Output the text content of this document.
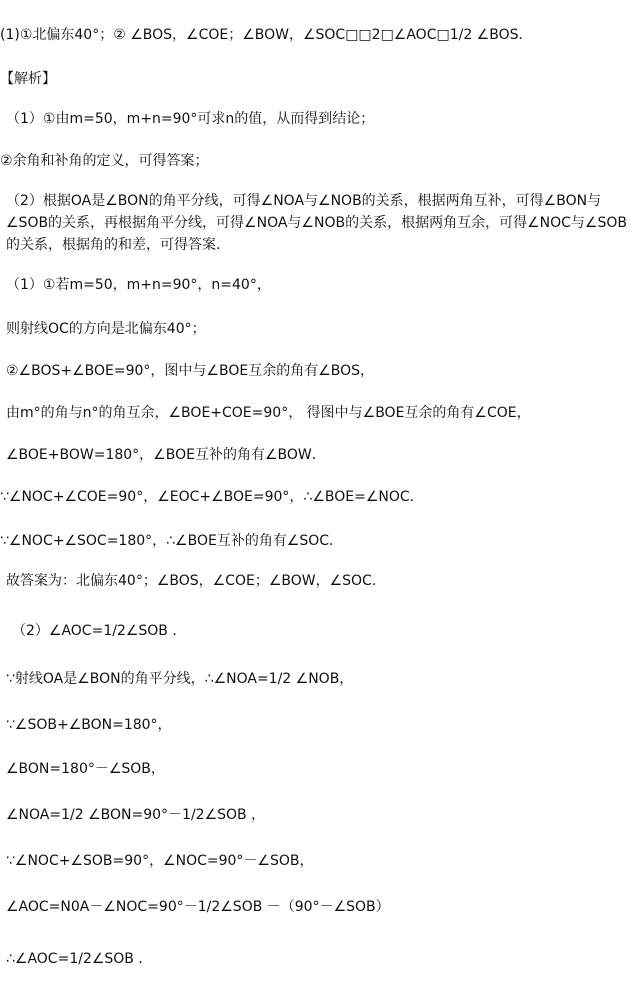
(1)①北偏东40°；② ∠BOS，∠COE；∠BOW，∠SOC□□2□∠AOC□1/2 ∠BOS．
【解析】
（1）①由m=50，m+n=90°可求n的值，从而得到结论；
②余角和补角的定义，可得答案；
（2）根据OA是∠BON的角平分线，可得∠NOA与∠NOB的关系，根据两角互补，可得∠BON与∠SOB的关系，再根据角平分线，可得∠NOA与∠NOB的关系，根据两角互余，可得∠NOC与∠SOB的关系，根据角的和差，可得答案．
（1）①若m=50，m+n=90°，n=40°，
则射线OC的方向是北偏东40°；
②∠BOS+∠BOE=90°，图中与∠BOE互余的角有∠BOS，
由m°的角与n°的角互余，∠BOE+COE=90°， 得图中与∠BOE互余的角有∠COE，
∠BOE+BOW=180°，∠BOE互补的角有∠BOW．
∵∠NOC+∠COE=90°，∠EOC+∠BOE=90°，∴∠BOE=∠NOC．
∵∠NOC+∠SOC=180°，∴∠BOE互补的角有∠SOC．
故答案为：北偏东40°；∠BOS，∠COE；∠BOW，∠SOC．
（2）∠AOC=1/2∠SOB ．
∵射线OA是∠BON的角平分线，∴∠NOA=1/2 ∠NOB，
∵∠SOB+∠BON=180°，
∠BON=180°－∠SOB，
∠NOA=1/2 ∠BON=90°－1/2∠SOB ，
∵∠NOC+∠SOB=90°，∠NOC=90°－∠SOB，
∠AOC=N0A－∠NOC=90°－1/2∠SOB －（90°－∠SOB）
∴∠AOC=1/2∠SOB ．
